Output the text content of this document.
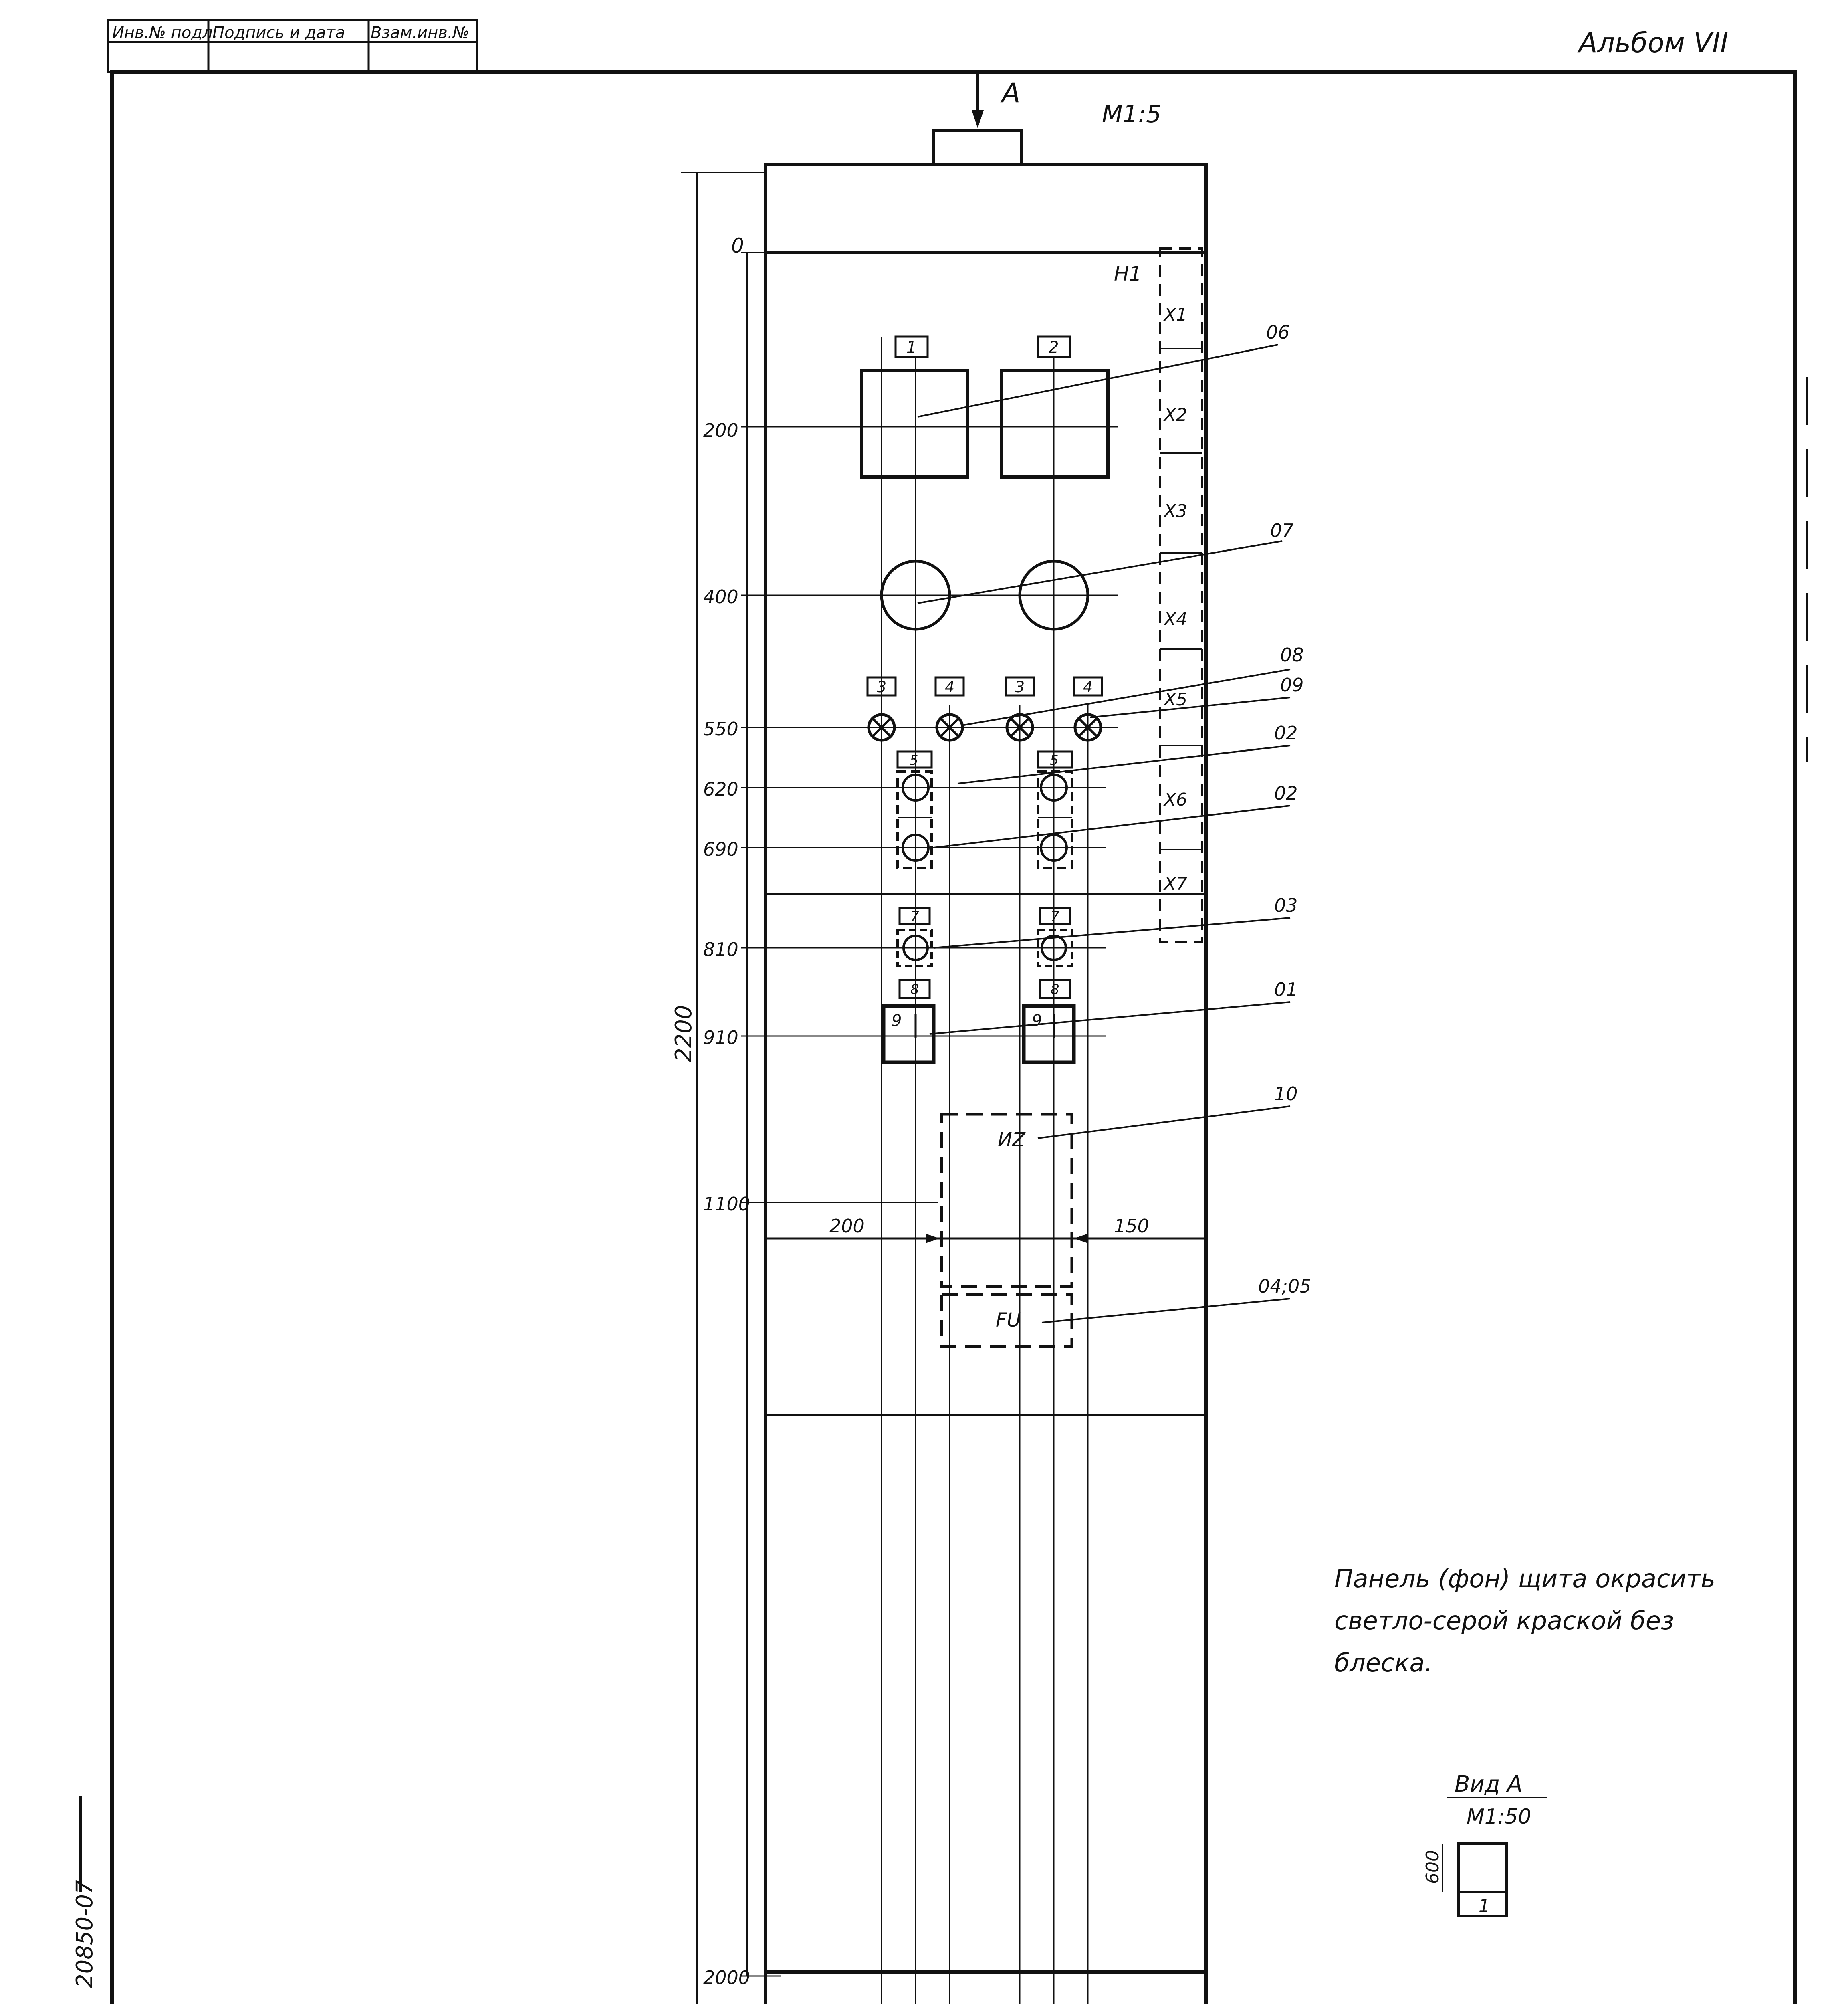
Инв.№ подл.
Подпись и дата Взам.инв.№	Альбом VII
А
М1:5
Н1
Х1
Х2
Х3
Х4
Х5
Х6
Х7
2200
0
200
400
550
620
690
810
910
1100
2000
1	2
3	4	3	4
5	5
7	7
8
9
8
9
ИZ
FU
200	150
06
07
08
09
02
02
03
01
10
04;05
Панель (фон) щита окрасить
светло-серой краской без
блеска.
Вид А
М1:50
1
600
20850-07
